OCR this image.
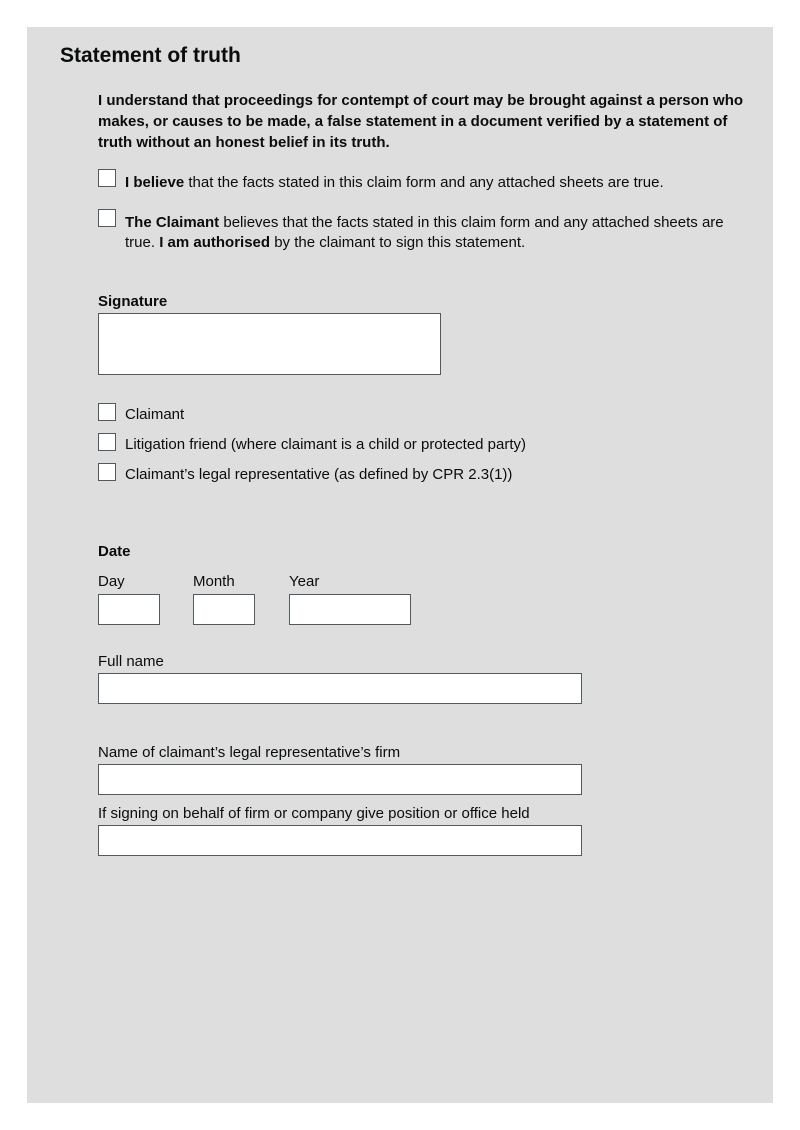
Statement of truth
I understand that proceedings for contempt of court may be brought against a person who makes, or causes to be made, a false statement in a document verified by a statement of truth without an honest belief in its truth.
I believe that the facts stated in this claim form and any attached sheets are true.
The Claimant believes that the facts stated in this claim form and any attached sheets are true. I am authorised by the claimant to sign this statement.
Signature
Claimant
Litigation friend (where claimant is a child or protected party)
Claimant’s legal representative (as defined by CPR 2.3(1))
Date
Day	Month	Year
Full name
Name of claimant’s legal representative’s firm
If signing on behalf of firm or company give position or office held
